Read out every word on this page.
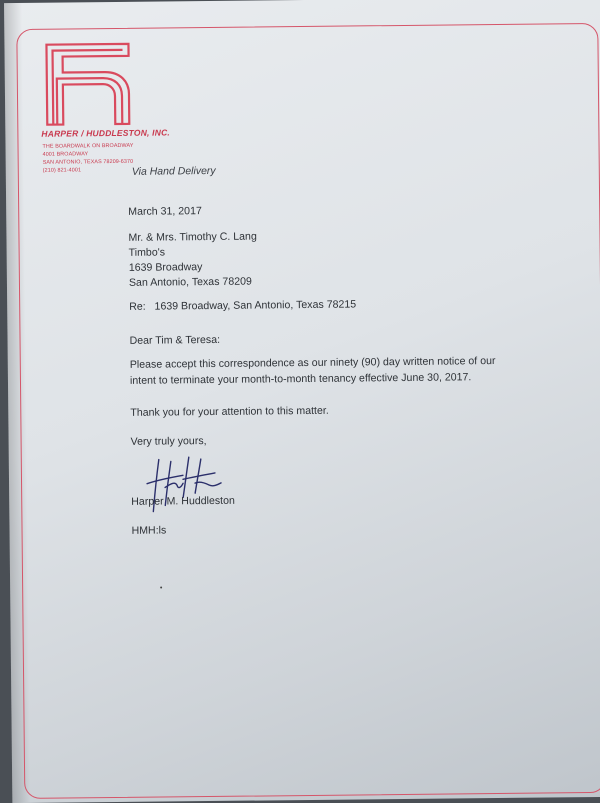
HARPER / HUDDLESTON, INC.
THE BOARDWALK ON BROADWAY
4001 BROADWAY
SAN ANTONIO, TEXAS 78209-6370
(210) 821-4001	Via Hand Delivery
March 31, 2017
Mr. & Mrs. Timothy C. Lang
Timbo's
1639 Broadway
San Antonio, Texas 78209
Re:   1639 Broadway, San Antonio, Texas 78215
Dear Tim & Teresa:
Please accept this correspondence as our ninety (90) day written notice of our
intent to terminate your month-to-month tenancy effective June 30, 2017.
Thank you for your attention to this matter.
Very truly yours,
Harper M. Huddleston
HMH:ls
